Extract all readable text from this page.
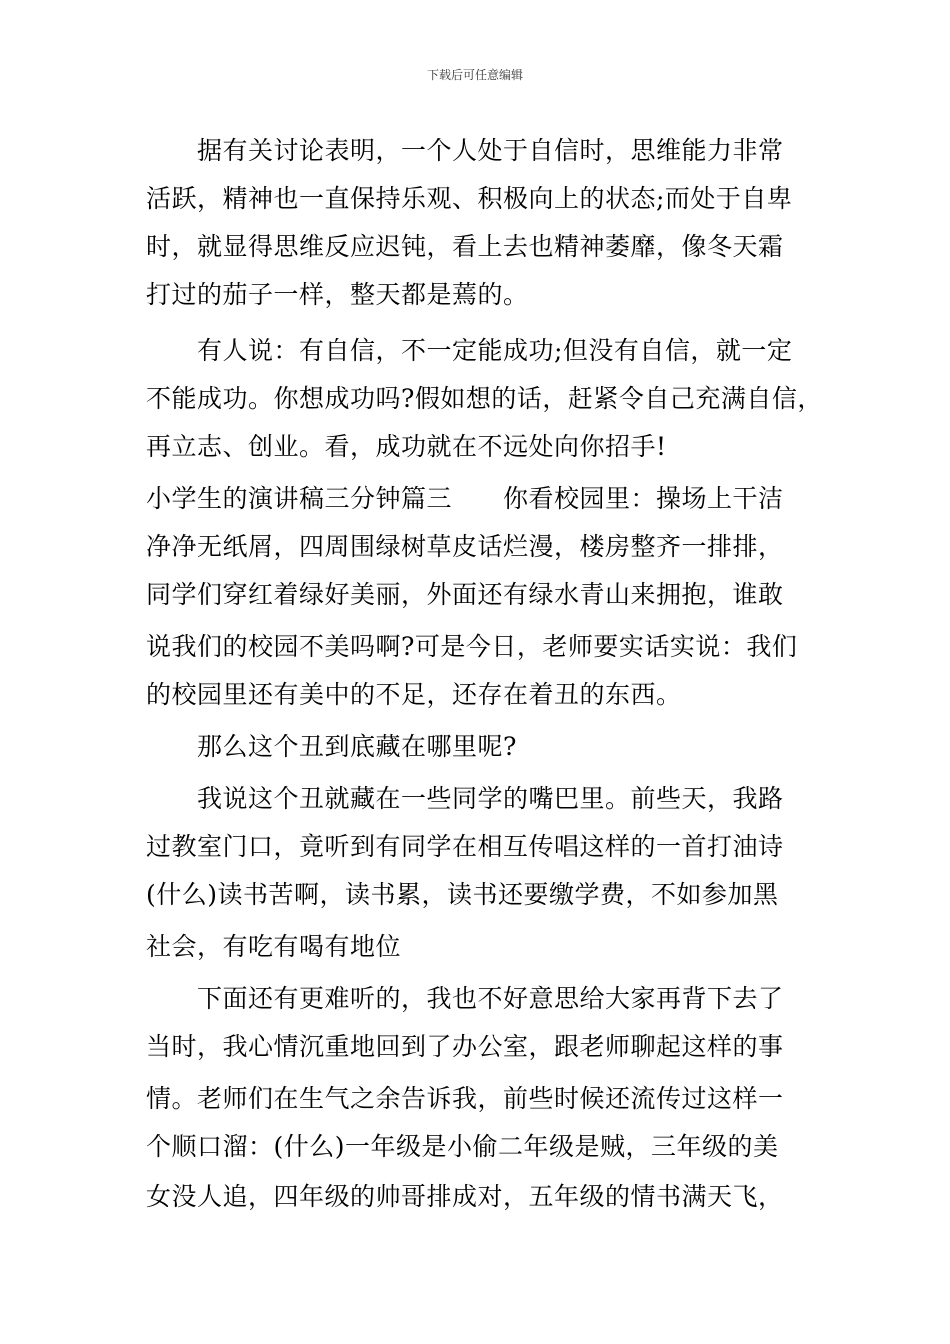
下载后可任意编辑
据有关讨论表明，一个人处于自信时，思维能力非常
活跃，精神也一直保持乐观、积极向上的状态;而处于自卑
时，就显得思维反应迟钝，看上去也精神萎靡，像冬天霜
打过的茄子一样，整天都是蔫的。
有人说：有自信，不一定能成功;但没有自信，就一定
不能成功。你想成功吗?假如想的话，赶紧令自己充满自信，
再立志、创业。看，成功就在不远处向你招手!
小学生的演讲稿三分钟篇三　　你看校园里：操场上干洁
净净无纸屑，四周围绿树草皮话烂漫，楼房整齐一排排，
同学们穿红着绿好美丽，外面还有绿水青山来拥抱，谁敢
说我们的校园不美吗啊?可是今日，老师要实话实说：我们
的校园里还有美中的不足，还存在着丑的东西。
那么这个丑到底藏在哪里呢?
我说这个丑就藏在一些同学的嘴巴里。前些天，我路
过教室门口，竟听到有同学在相互传唱这样的一首打油诗
(什么)读书苦啊，读书累，读书还要缴学费，不如参加黑
社会，有吃有喝有地位
下面还有更难听的，我也不好意思给大家再背下去了
当时，我心情沉重地回到了办公室，跟老师聊起这样的事
情。老师们在生气之余告诉我，前些时候还流传过这样一
个顺口溜：(什么)一年级是小偷二年级是贼，三年级的美
女没人追，四年级的帅哥排成对，五年级的情书满天飞，
